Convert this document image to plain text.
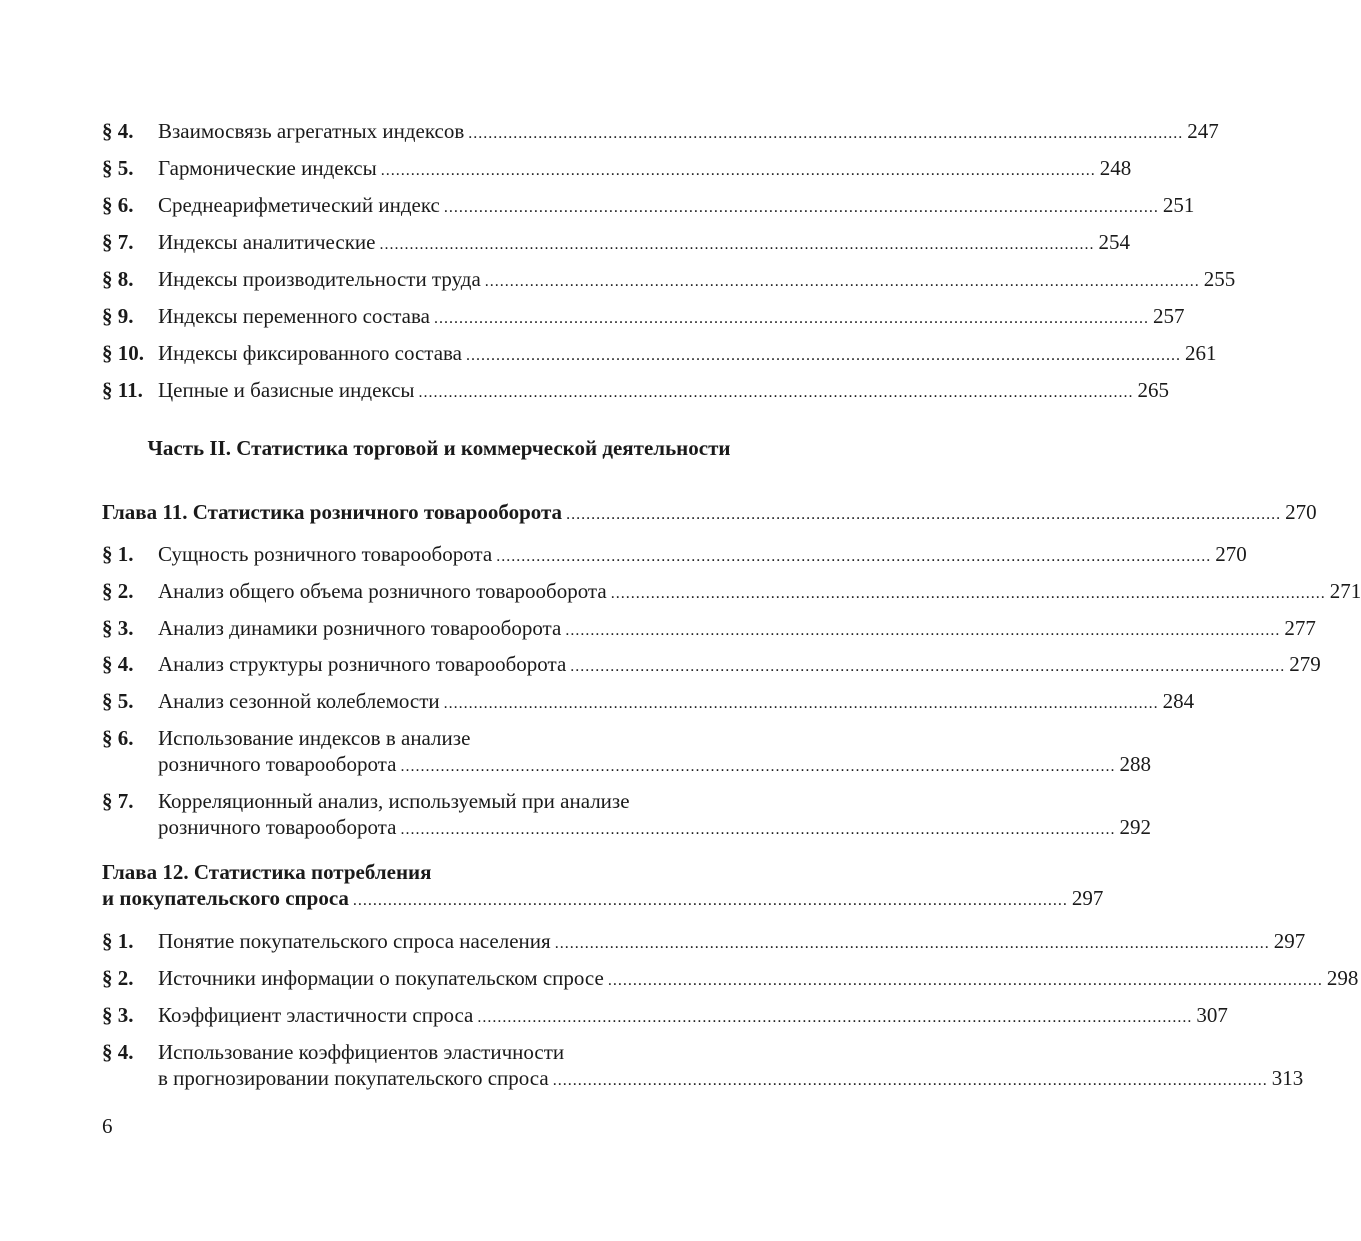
§ 4.	Взаимосвязь агрегатных индексов ............................................................................................................................................... 247
§ 5.	Гармонические индексы ............................................................................................................................................... 248
§ 6.	Среднеарифметический индекс ............................................................................................................................................... 251
§ 7.	Индексы аналитические ............................................................................................................................................... 254
§ 8.	Индексы производительности труда ............................................................................................................................................... 255
§ 9.	Индексы переменного состава ............................................................................................................................................... 257
§ 10. Индексы фиксированного состава ............................................................................................................................................... 261
§ 11. Цепные и базисные индексы ............................................................................................................................................... 265
Часть II. Статистика торговой и коммерческой деятельности
Глава 11. Статистика розничного товарооборота ............................................................................................................................................... 270
§ 1.	Сущность розничного товарооборота ............................................................................................................................................... 270
§ 2.	Анализ общего объема розничного товарооборота ............................................................................................................................................... 271
§ 3.	Анализ динамики розничного товарооборота ............................................................................................................................................... 277
§ 4.	Анализ структуры розничного товарооборота ............................................................................................................................................... 279
§ 5.	Анализ сезонной колеблемости ............................................................................................................................................... 284
§ 6.	Использование индексов в анализе
розничного товарооборота ............................................................................................................................................... 288
§ 7.	Корреляционный анализ, используемый при анализе
розничного товарооборота ............................................................................................................................................... 292
Глава 12. Статистика потребления
и покупательского спроса ............................................................................................................................................... 297
§ 1.	Понятие покупательского спроса населения ............................................................................................................................................... 297
§ 2.	Источники информации о покупательском спросе ............................................................................................................................................... 298
§ 3.	Коэффициент эластичности спроса ............................................................................................................................................... 307
§ 4.	Использование коэффициентов эластичности
в прогнозировании покупательского спроса ............................................................................................................................................... 313
6
